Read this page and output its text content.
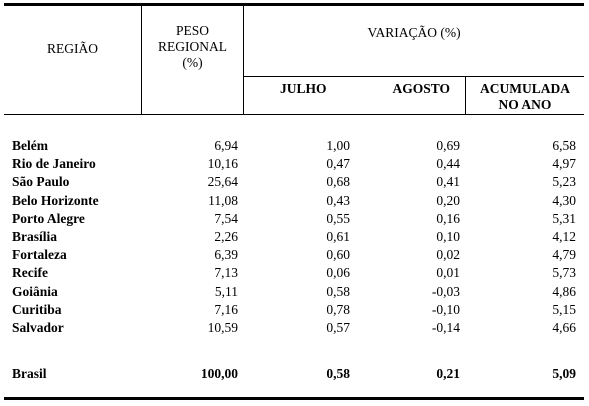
REGIÃO
PESO
REGIONAL
(%)
VARIAÇÃO (%)
JULHO	AGOSTO	ACUMULADA
NO ANO
Belém	6,94	1,00	0,69	6,58
Rio de Janeiro	10,16	0,47	0,44	4,97
São Paulo	25,64	0,68	0,41	5,23
Belo Horizonte	11,08	0,43	0,20	4,30
Porto Alegre	7,54	0,55	0,16	5,31
Brasília	2,26	0,61	0,10	4,12
Fortaleza	6,39	0,60	0,02	4,79
Recife	7,13	0,06	0,01	5,73
Goiânia	5,11	0,58	-0,03	4,86
Curitiba	7,16	0,78	-0,10	5,15
Salvador	10,59	0,57	-0,14	4,66
Brasil	100,00	0,58	0,21	5,09
